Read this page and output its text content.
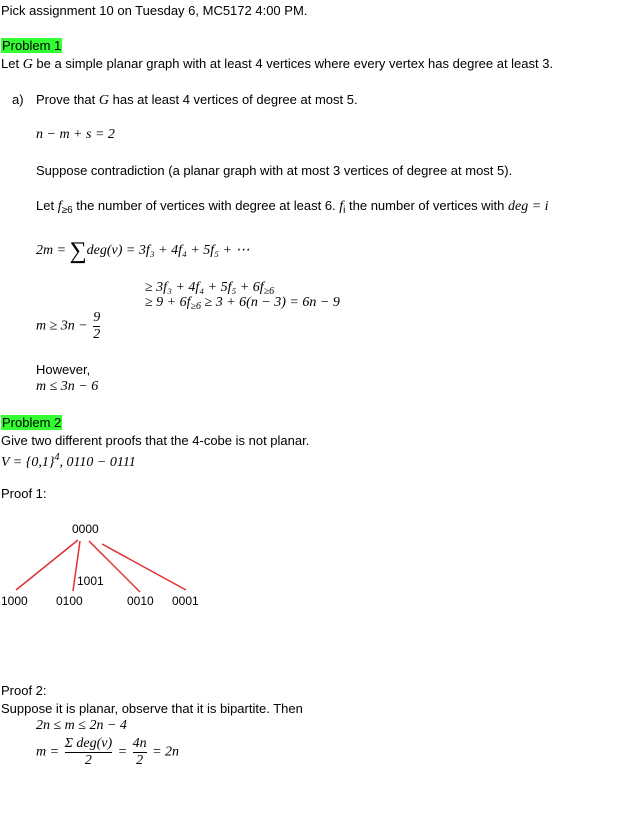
Pick assignment 10 on Tuesday 6, MC5172 4:00 PM.
Problem 1
Let G be a simple planar graph with at least 4 vertices where every vertex has degree at least 3.
a) Prove that G has at least 4 vertices of degree at most 5.
n − m + s = 2
Suppose contradiction (a planar graph with at most 3 vertices of degree at most 5).
Let $f_{\ge 6}$ the number of vertices with degree at least 6. $f_i$ the number of vertices with deg = i
2m = ∑deg(v) = 3f₃ + 4f₄ + 5f₅ + ⋯
≥ $3f_3 + 4f_4 + 5f_5 + 6f_{\ge 6}$
≥ $9 + 6f_{\ge 6} \ge 3 + 6(n - 3) = 6n - 9$
$m \ge 3n - \frac{9}{2}$
However,
m ≤ 3n − 6
Problem 2
Give two different proofs that the 4-cobe is not planar.
$V = \{0,1\}^4$, 0110 − 0111
Proof 1:
0000
1001
1000 0100	0010 0001
Proof 2:
Suppose it is planar, observe that it is bipartite. Then
2n ≤ m ≤ 2n − 4
$m = \frac{\text{Σ deg(v)}}{2} = \frac{4n}{2} = 2n$
